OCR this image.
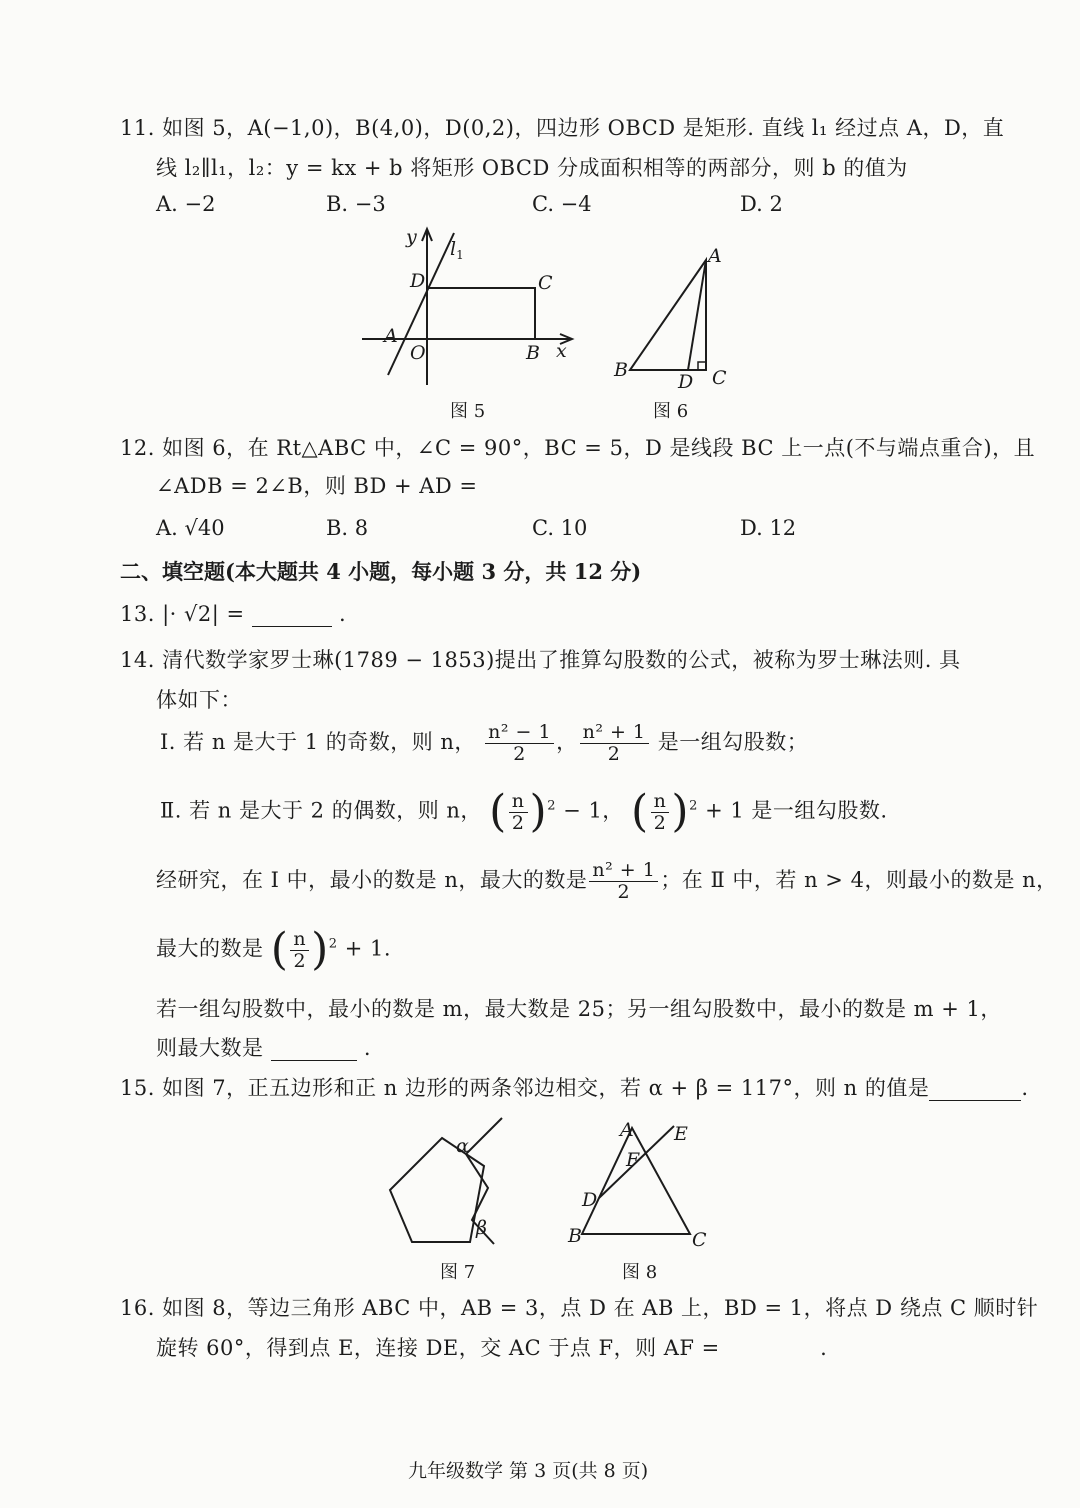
11. 如图 5，A(−1,0)，B(4,0)，D(0,2)，四边形 OBCD 是矩形. 直线 l₁ 经过点 A，D，直
线 l₂∥l₁，l₂：y = kx + b 将矩形 OBCD 分成面积相等的两部分，则 b 的值为
A. −2	B. −3	C. −4	D. 2
y
$l_1$
D	C
A
O	B x
图 5
A
B
D C
图 6
12. 如图 6，在 Rt△ABC 中，∠C = 90°，BC = 5，D 是线段 BC 上一点(不与端点重合)，且
∠ADB = 2∠B，则 BD + AD =
A. √40	B. 8	C. 10	D. 12
二、填空题(本大题共 4 小题，每小题 3 分，共 12 分)
13. |· √2| =	.
14. 清代数学家罗士琳(1789 − 1853)提出了推算勾股数的公式，被称为罗士琳法则. 具
体如下：
Ⅰ. 若 n 是大于 1 的奇数，则 n， $\frac{\text{n² − 1}}{2}$ ， $\frac{\text{n² + 1}}{2}$ 是一组勾股数；
Ⅱ. 若 n 是大于 2 的偶数，则 n， ( $\frac{n}{2} )^2 - 1$， ( $\frac{n}{2} )^2 + 1$ 是一组勾股数.
经研究，在 Ⅰ 中，最小的数是 n，最大的数是 $\frac{\text{n² + 1}}{2}$ ；在 Ⅱ 中，若 n > 4，则最小的数是 n，
最大的数是 ( $\frac{n}{2} )^2 + 1$.
若一组勾股数中，最小的数是 m，最大数是 25；另一组勾股数中，最小的数是 m + 1，
则最大数是	.
15. 如图 7，正五边形和正 n 边形的两条邻边相交，若 α + β = 117°，则 n 的值是	.
α
β
图 7
A E
F
D
B	C
图 8
16. 如图 8，等边三角形 ABC 中，AB = 3，点 D 在 AB 上，BD = 1，将点 D 绕点 C 顺时针
旋转 60°，得到点 E，连接 DE，交 AC 于点 F，则 AF =	.
九年级数学 第 3 页(共 8 页)
